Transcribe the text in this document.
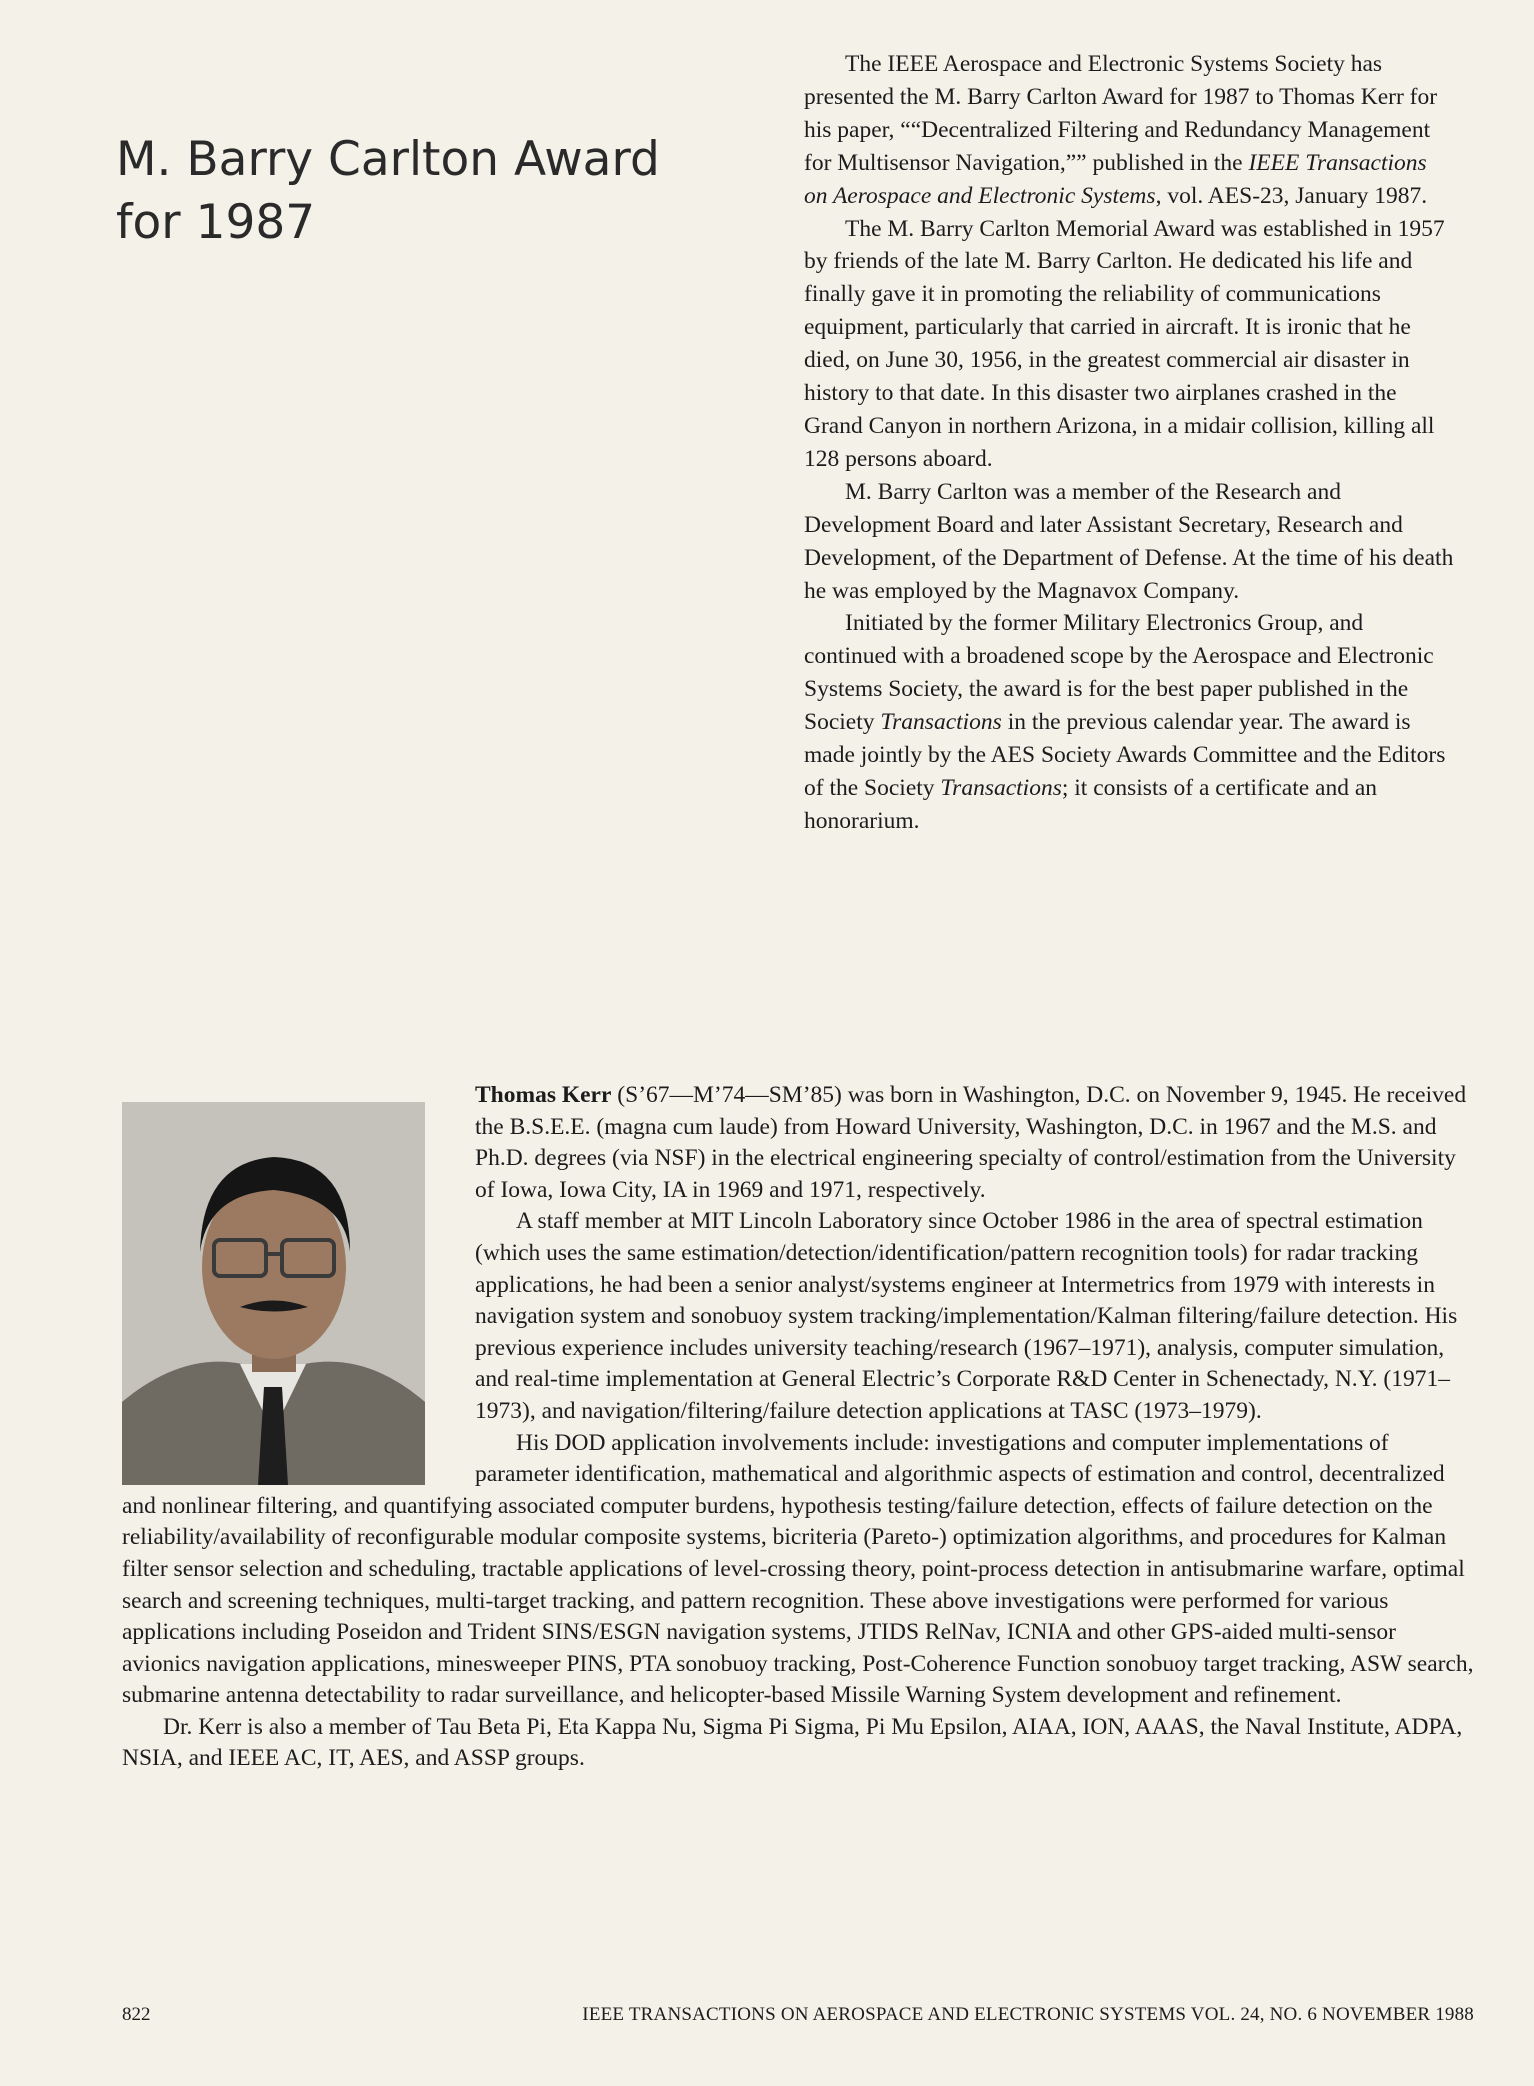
M. Barry Carlton Award
for 1987

The IEEE Aerospace and Electronic Systems Society has presented the M. Barry Carlton Award for 1987 to Thomas Kerr for his paper, ““Decentralized Filtering and Redundancy Management for Multisensor Navigation,”” published in the IEEE Transactions on Aerospace and Electronic Systems, vol. AES-23, January 1987.

The M. Barry Carlton Memorial Award was established in 1957 by friends of the late M. Barry Carlton. He dedicated his life and finally gave it in promoting the reliability of communications equipment, particularly that carried in aircraft. It is ironic that he died, on June 30, 1956, in the greatest commercial air disaster in history to that date. In this disaster two airplanes crashed in the Grand Canyon in northern Arizona, in a midair collision, killing all 128 persons aboard.

M. Barry Carlton was a member of the Research and Development Board and later Assistant Secretary, Research and Development, of the Department of Defense. At the time of his death he was employed by the Magnavox Company.

Initiated by the former Military Electronics Group, and continued with a broadened scope by the Aerospace and Electronic Systems Society, the award is for the best paper published in the Society Transactions in the previous calendar year. The award is made jointly by the AES Society Awards Committee and the Editors of the Society Transactions; it consists of a certificate and an honorarium.

Thomas Kerr (S’67—M’74—SM’85) was born in Washington, D.C. on November 9, 1945. He received the B.S.E.E. (magna cum laude) from Howard University, Washington, D.C. in 1967 and the M.S. and Ph.D. degrees (via NSF) in the electrical engineering specialty of control/estimation from the University of Iowa, Iowa City, IA in 1969 and 1971, respectively.

A staff member at MIT Lincoln Laboratory since October 1986 in the area of spectral estimation (which uses the same estimation/detection/identification/pattern recognition tools) for radar tracking applications, he had been a senior analyst/systems engineer at Intermetrics from 1979 with interests in navigation system and sonobuoy system tracking/implementation/Kalman filtering/failure detection. His previous experience includes university teaching/research (1967–1971), analysis, computer simulation, and real-time implementation at General Electric’s Corporate R&D Center in Schenectady, N.Y. (1971–1973), and navigation/filtering/failure detection applications at TASC (1973–1979).

His DOD application involvements include: investigations and computer implementations of parameter identification, mathematical and algorithmic aspects of estimation and control, decentralized and nonlinear filtering, and quantifying associated computer burdens, hypothesis testing/failure detection, effects of failure detection on the reliability/availability of reconfigurable modular composite systems, bicriteria (Pareto-) optimization algorithms, and procedures for Kalman filter sensor selection and scheduling, tractable applications of level-crossing theory, point-process detection in antisubmarine warfare, optimal search and screening techniques, multi-target tracking, and pattern recognition. These above investigations were performed for various applications including Poseidon and Trident SINS/ESGN navigation systems, JTIDS RelNav, ICNIA and other GPS-aided multi-sensor avionics navigation applications, minesweeper PINS, PTA sonobuoy tracking, Post-Coherence Function sonobuoy target tracking, ASW search, submarine antenna detectability to radar surveillance, and helicopter-based Missile Warning System development and refinement.

Dr. Kerr is also a member of Tau Beta Pi, Eta Kappa Nu, Sigma Pi Sigma, Pi Mu Epsilon, AIAA, ION, AAAS, the Naval Institute, ADPA, NSIA, and IEEE AC, IT, AES, and ASSP groups.

822	IEEE TRANSACTIONS ON AEROSPACE AND ELECTRONIC SYSTEMS VOL. 24, NO. 6 NOVEMBER 1988
